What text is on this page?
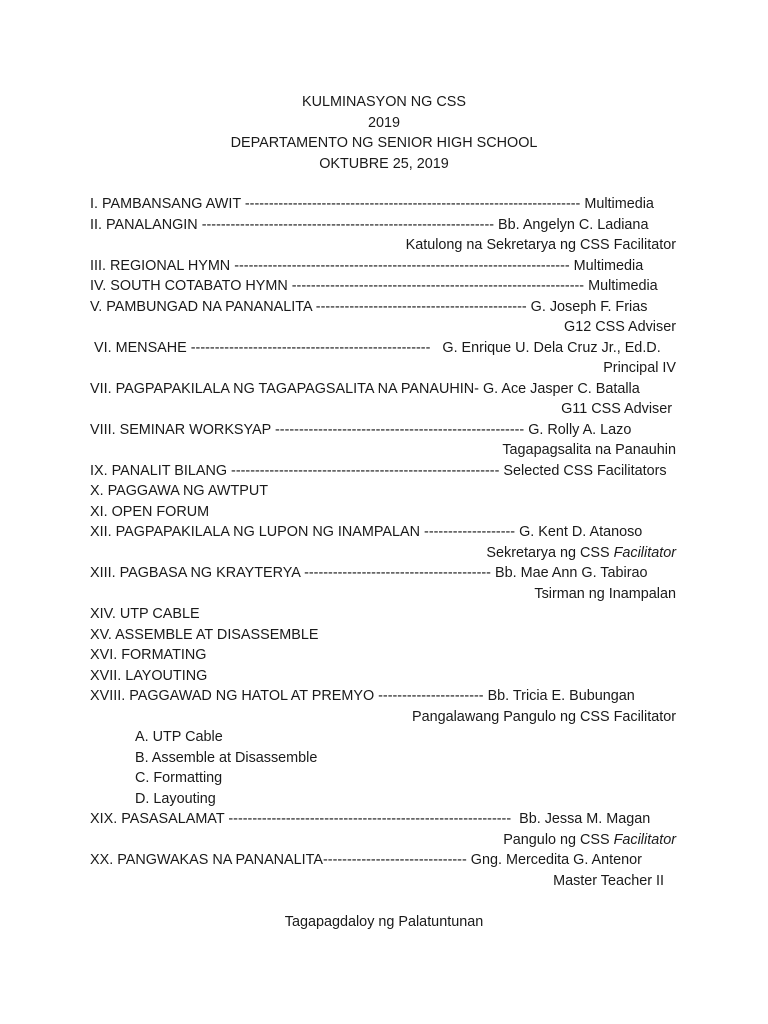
KULMINASYON NG CSS
2019
DEPARTAMENTO NG SENIOR HIGH SCHOOL
OKTUBRE 25, 2019
I. PAMBANSANG AWIT ---------------------------------------------------------------------- Multimedia
II. PANALANGIN ------------------------------------------------------------- Bb. Angelyn C. Ladiana
Katulong na Sekretarya ng CSS Facilitator
III. REGIONAL HYMN ---------------------------------------------------------------------- Multimedia
IV. SOUTH COTABATO HYMN ------------------------------------------------------------- Multimedia
V. PAMBUNGAD NA PANANALITA -------------------------------------------- G. Joseph F. Frias
G12 CSS Adviser
VI. MENSAHE --------------------------------------------------   G. Enrique U. Dela Cruz Jr., Ed.D.
Principal IV
VII. PAGPAPAKILALA NG TAGAPAGSALITA NA PANAUHIN- G. Ace Jasper C. Batalla
G11 CSS Adviser
VIII. SEMINAR WORKSYAP ---------------------------------------------------- G. Rolly A. Lazo
Tagapagsalita na Panauhin
IX. PANALIT BILANG -------------------------------------------------------- Selected CSS Facilitators
X. PAGGAWA NG AWTPUT
XI. OPEN FORUM
XII. PAGPAPAKILALA NG LUPON NG INAMPALAN ------------------- G. Kent D. Atanoso
Sekretarya ng CSS Facilitator
XIII. PAGBASA NG KRAYTERYA --------------------------------------- Bb. Mae Ann G. Tabirao
Tsirman ng Inampalan
XIV. UTP CABLE
XV. ASSEMBLE AT DISASSEMBLE
XVI. FORMATING
XVII. LAYOUTING
XVIII. PAGGAWAD NG HATOL AT PREMYO ---------------------- Bb. Tricia E. Bubungan
Pangalawang Pangulo ng CSS Facilitator
A. UTP Cable
B. Assemble at Disassemble
C. Formatting
D. Layouting
XIX. PASASALAMAT -----------------------------------------------------------  Bb. Jessa M. Magan
Pangulo ng CSS Facilitator
XX. PANGWAKAS NA PANANALITA------------------------------ Gng. Mercedita G. Antenor
Master Teacher II
Tagapagdaloy ng Palatuntunan
